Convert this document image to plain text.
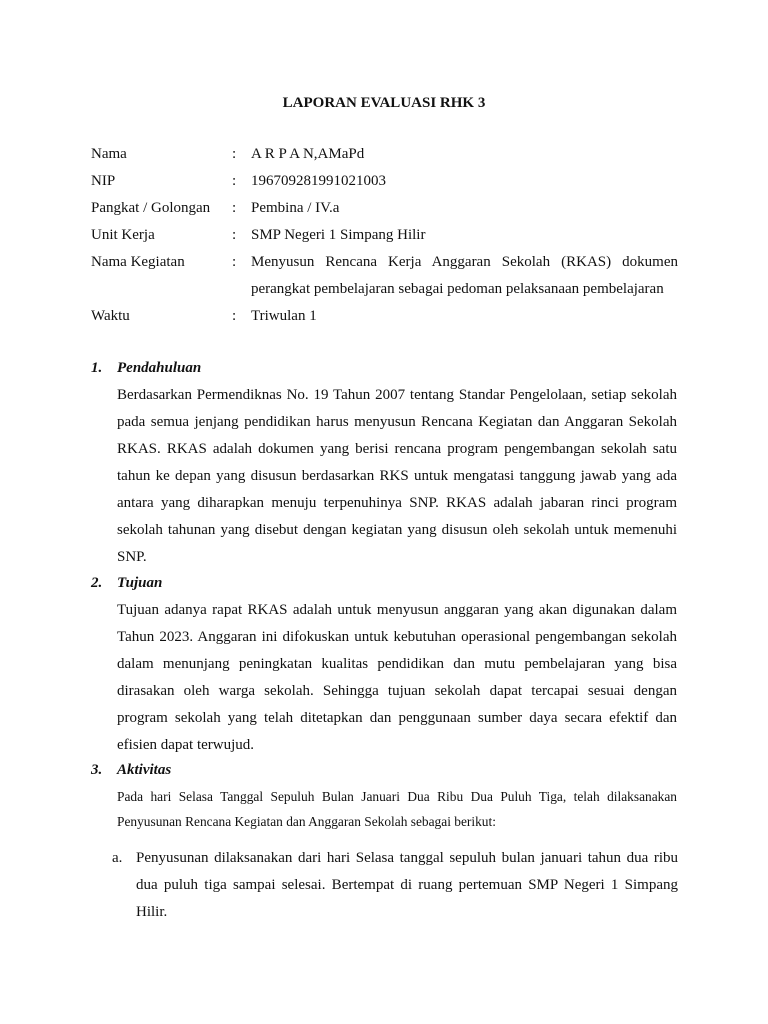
LAPORAN EVALUASI RHK 3
Nama	: A R P A N,AMaPd
NIP	: 196709281991021003
Pangkat / Golongan : Pembina / IV.a
Unit Kerja	: SMP Negeri 1 Simpang Hilir
Nama Kegiatan	: Menyusun Rencana Kerja Anggaran Sekolah (RKAS) dokumen
perangkat pembelajaran sebagai pedoman pelaksanaan pembelajaran
Waktu	: Triwulan 1
1. Pendahuluan
Berdasarkan Permendiknas No. 19 Tahun 2007 tentang Standar Pengelolaan, setiap sekolah pada semua jenjang pendidikan harus menyusun Rencana Kegiatan dan Anggaran Sekolah RKAS. RKAS adalah dokumen yang berisi rencana program pengembangan sekolah satu tahun ke depan yang disusun berdasarkan RKS untuk mengatasi tanggung jawab yang ada antara yang diharapkan menuju terpenuhinya SNP. RKAS adalah jabaran rinci program sekolah tahunan yang disebut dengan kegiatan yang disusun oleh sekolah untuk memenuhi SNP.
2. Tujuan
Tujuan adanya rapat RKAS adalah untuk menyusun anggaran yang akan digunakan dalam Tahun 2023. Anggaran ini difokuskan untuk kebutuhan operasional pengembangan sekolah dalam menunjang peningkatan kualitas pendidikan dan mutu pembelajaran yang bisa dirasakan oleh warga sekolah. Sehingga tujuan sekolah dapat tercapai sesuai dengan program sekolah yang telah ditetapkan dan penggunaan sumber daya secara efektif dan efisien dapat terwujud.
3. Aktivitas
Pada hari Selasa Tanggal Sepuluh Bulan Januari Dua Ribu Dua Puluh Tiga, telah dilaksanakan Penyusunan Rencana Kegiatan dan Anggaran Sekolah sebagai berikut:
a. Penyusunan dilaksanakan dari hari Selasa tanggal sepuluh bulan januari tahun dua ribu dua puluh tiga sampai selesai. Bertempat di ruang pertemuan SMP Negeri 1 Simpang Hilir.
